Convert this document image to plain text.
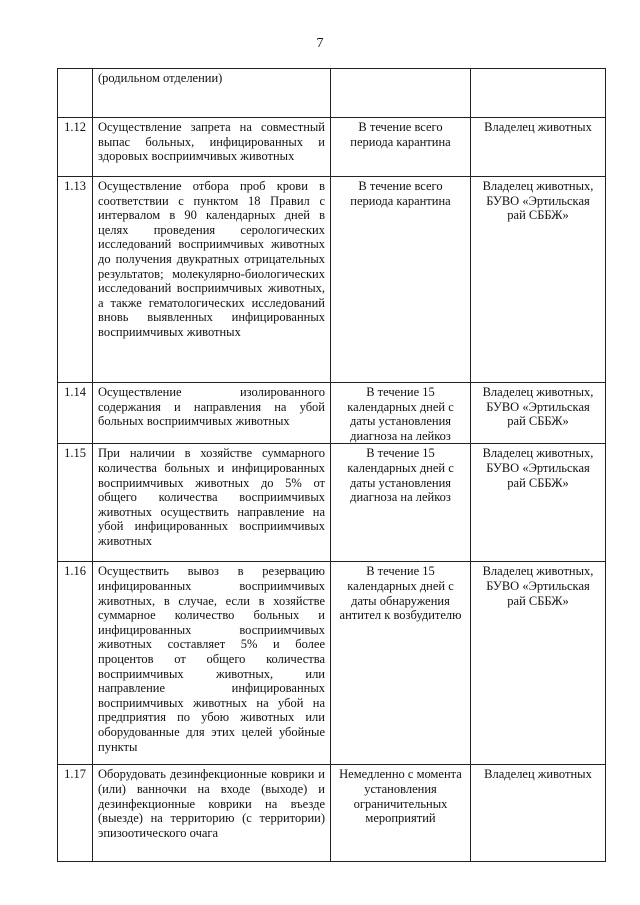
7
	(родильном отделении)		
1.12	Осуществление запрета на совместный выпас больных, инфицированных и здоровых восприимчивых животных	В течение всего периода карантина	Владелец животных
1.13	Осуществление отбора проб крови в соответствии с пунктом 18 Правил с интервалом в 90 календарных дней в целях проведения серологических исследований восприимчивых животных до получения двукратных отрицательных результатов; молекулярно-биологических исследований восприимчивых животных, а также гематологических исследований вновь выявленных инфицированных восприимчивых животных	В течение всего периода карантина	Владелец животных, БУВО «Эртильская рай СББЖ»
1.14	Осуществление изолированного содержания и направления на убой больных восприимчивых животных	В течение 15 календарных дней с даты установления диагноза на лейкоз	Владелец животных, БУВО «Эртильская рай СББЖ»
1.15	При наличии в хозяйстве суммарного количества больных и инфицированных восприимчивых животных до 5% от общего количества восприимчивых животных осуществить направление на убой инфицированных восприимчивых животных	В течение 15 календарных дней с даты установления диагноза на лейкоз	Владелец животных, БУВО «Эртильская рай СББЖ»
1.16	Осуществить вывоз в резервацию инфицированных восприимчивых животных, в случае, если в хозяйстве суммарное количество больных и инфицированных восприимчивых животных составляет 5% и более процентов от общего количества восприимчивых животных, или направление инфицированных восприимчивых животных на убой на предприятия по убою животных или оборудованные для этих целей убойные пункты	В течение 15 календарных дней с даты обнаружения антител к возбудителю	Владелец животных, БУВО «Эртильская рай СББЖ»
1.17	Оборудовать дезинфекционные коврики и (или) ванночки на входе (выходе) и дезинфекционные коврики на въезде (выезде) на территорию (с территории) эпизоотического очага	Немедленно с момента установления ограничительных мероприятий	Владелец животных
